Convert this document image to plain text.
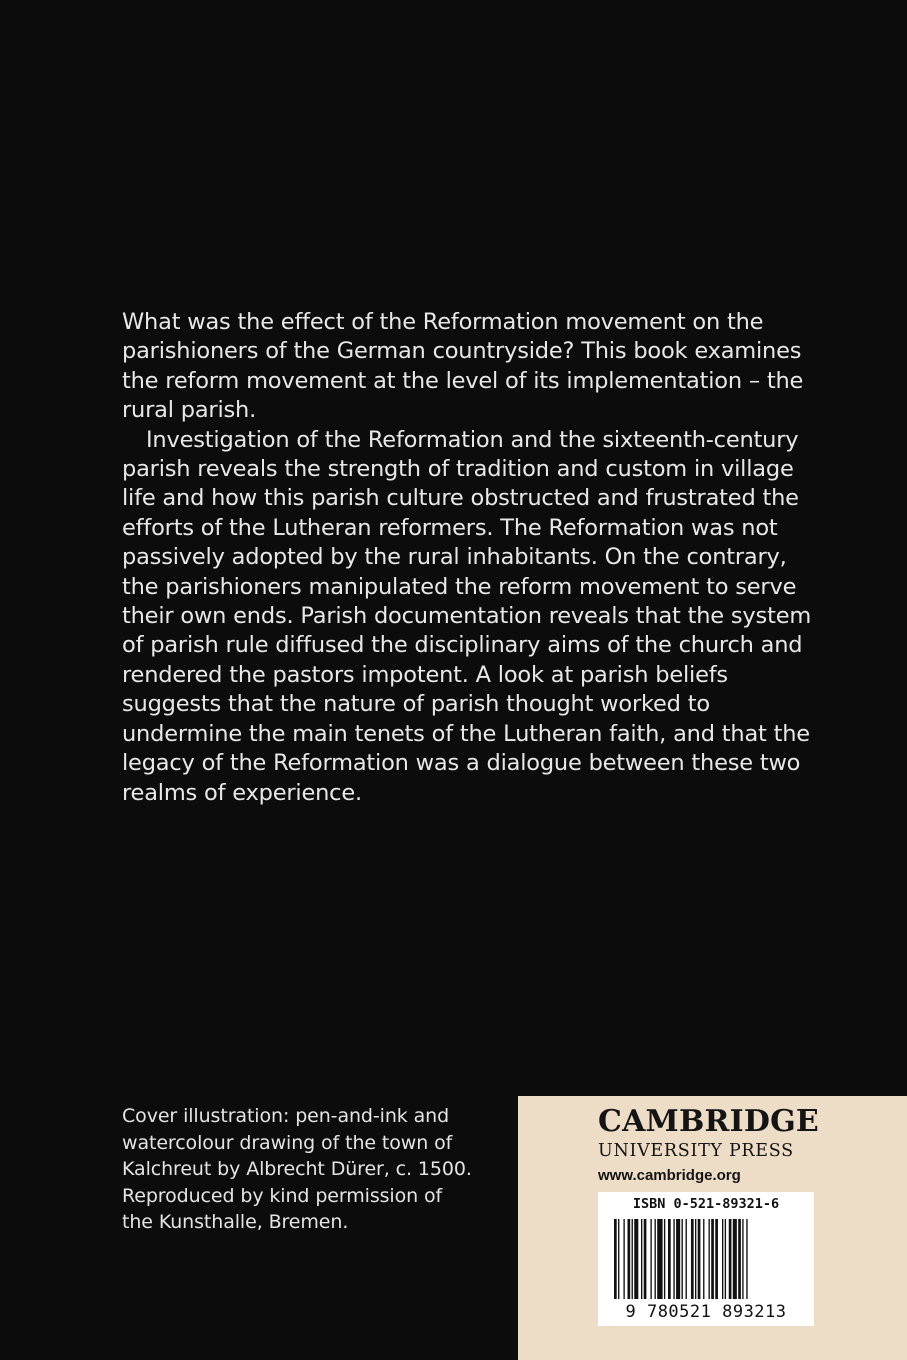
What was the effect of the Reformation movement on the parishioners of the German countryside? This book examines the reform movement at the level of its implementation – the rural parish.

Investigation of the Reformation and the sixteenth-century parish reveals the strength of tradition and custom in village life and how this parish culture obstructed and frustrated the efforts of the Lutheran reformers. The Reformation was not passively adopted by the rural inhabitants. On the contrary, the parishioners manipulated the reform movement to serve their own ends. Parish documentation reveals that the system of parish rule diffused the disciplinary aims of the church and rendered the pastors impotent. A look at parish beliefs suggests that the nature of parish thought worked to undermine the main tenets of the Lutheran faith, and that the legacy of the Reformation was a dialogue between these two realms of experience.

Cover illustration: pen-and-ink and
watercolour drawing of the town of
Kalchreut by Albrecht Dürer, c. 1500.
Reproduced by kind permission of
the Kunsthalle, Bremen.
CAMBRIDGE
UNIVERSITY PRESS
www.cambridge.org
ISBN 0-521-89321-6
9 780521 893213
